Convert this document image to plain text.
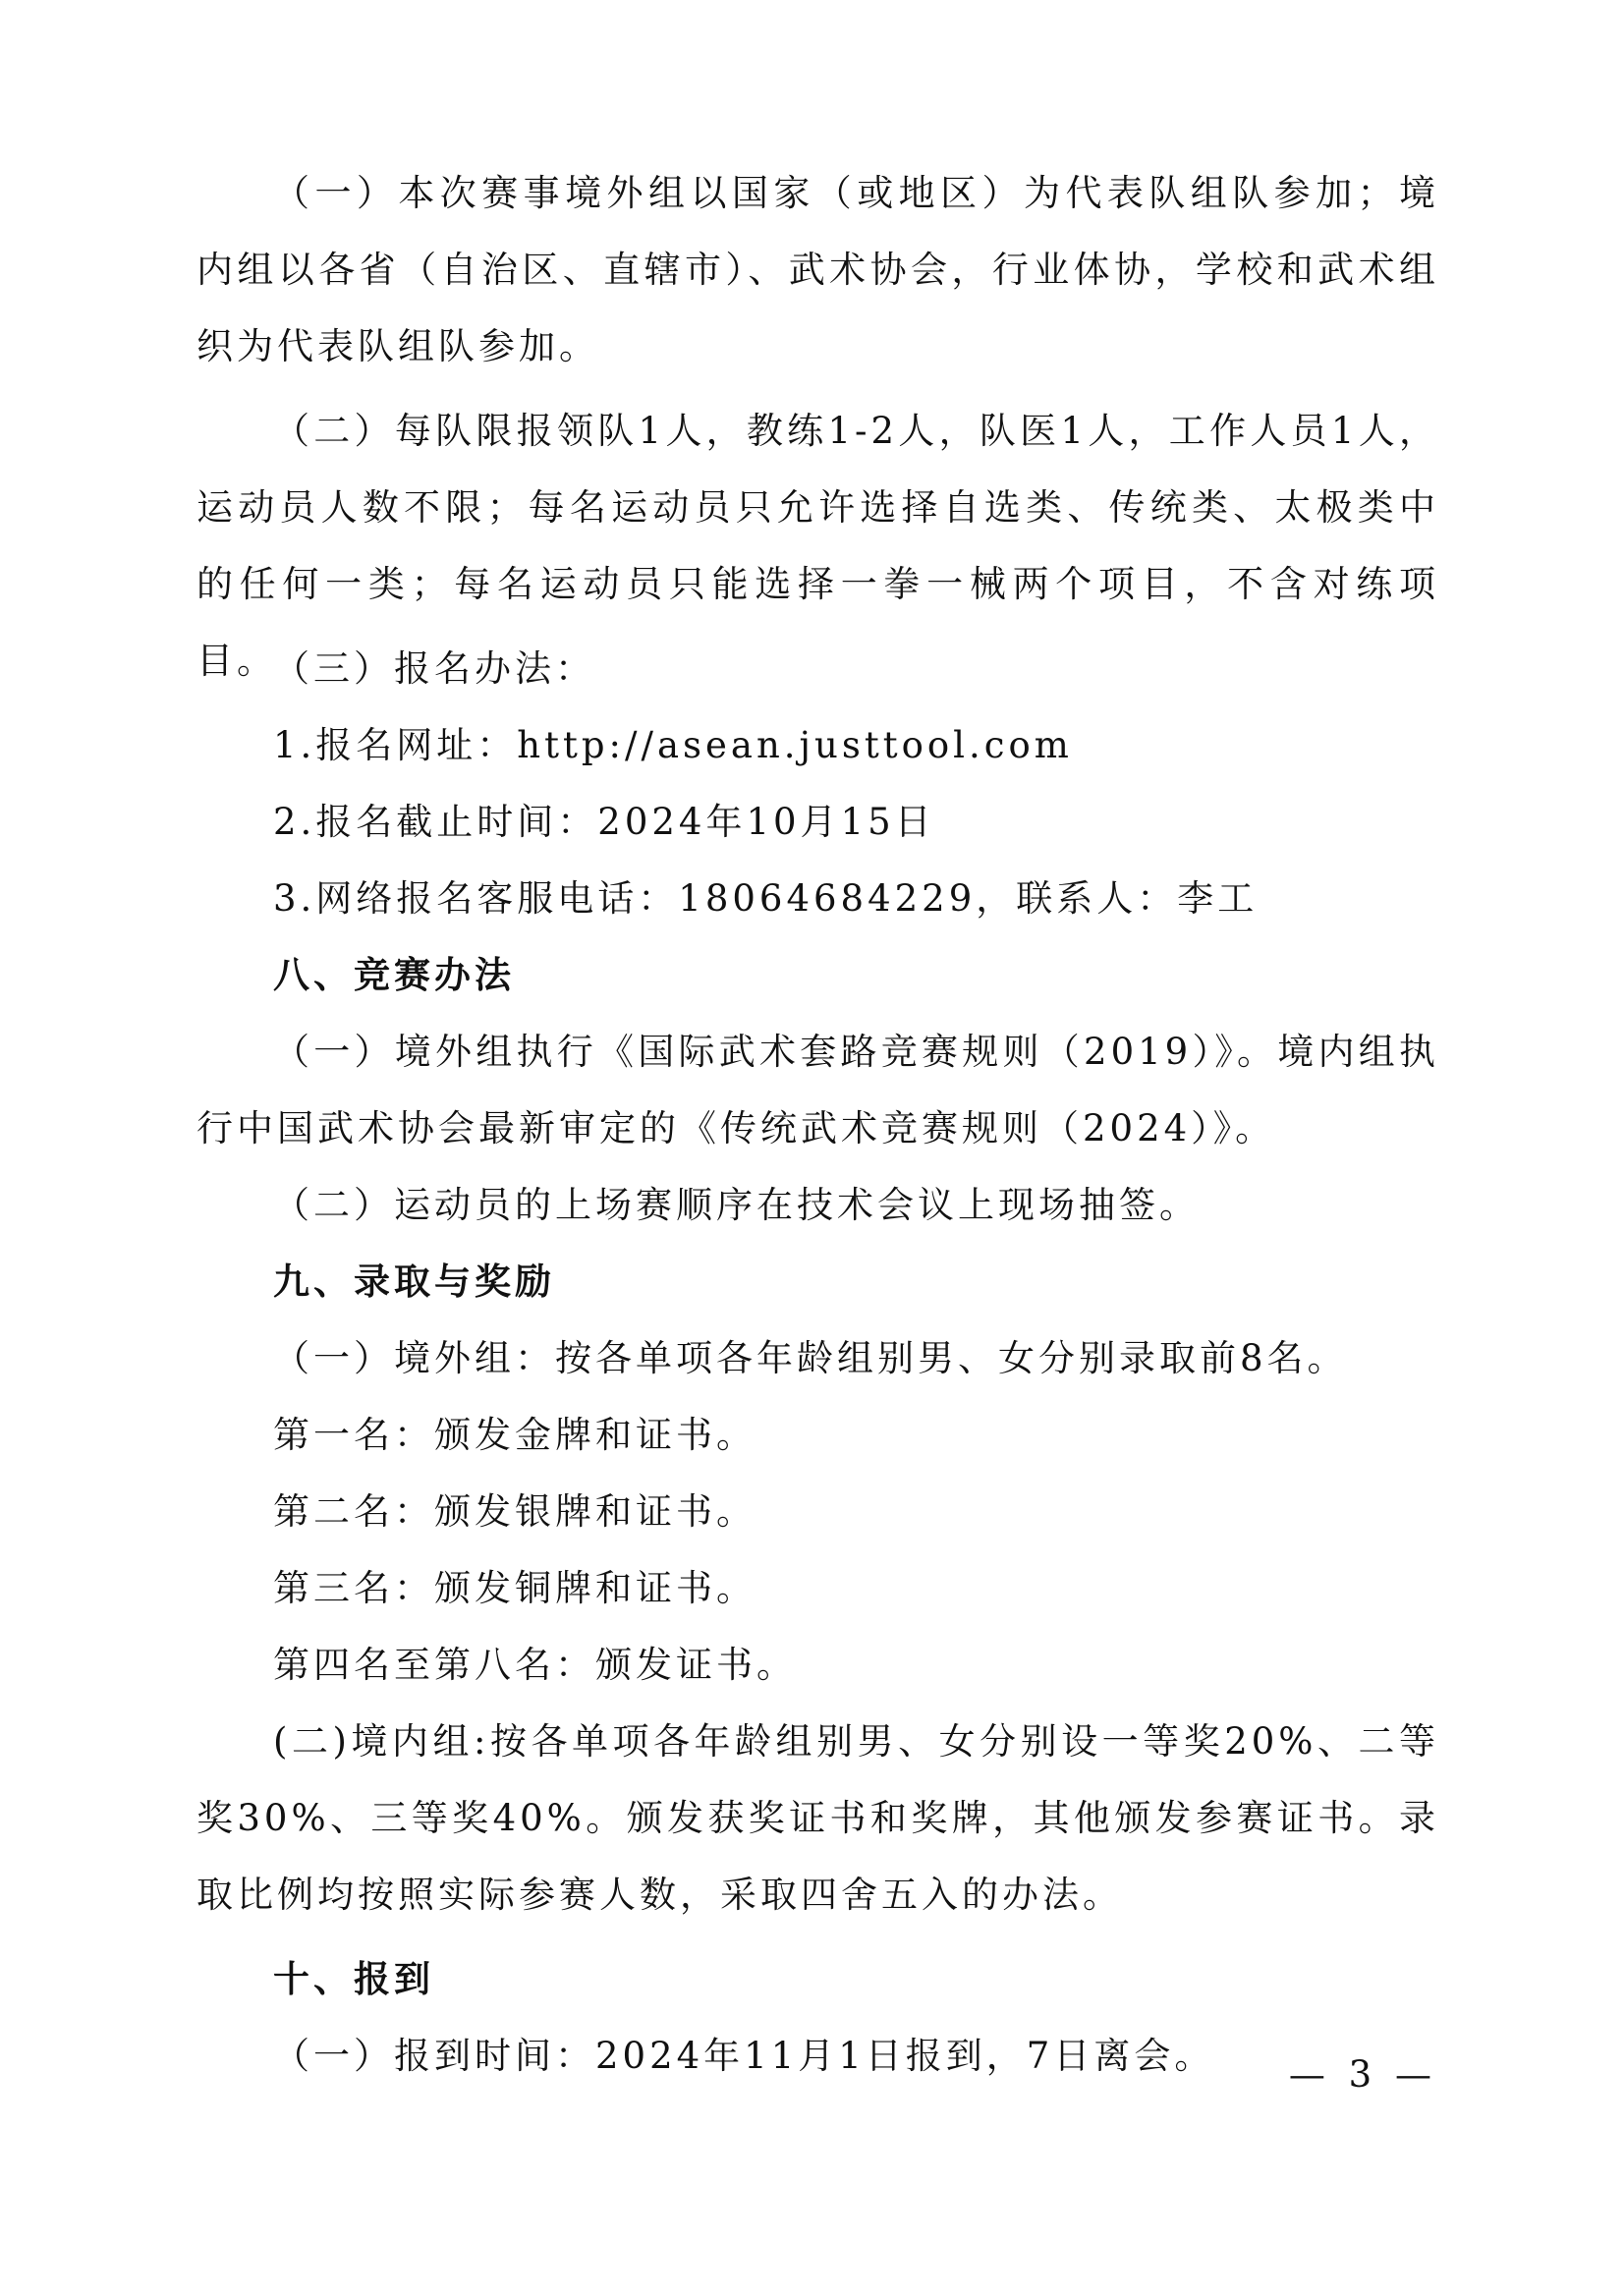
（一）本次赛事境外组以国家（或地区）为代表队组队参加；境内组以各省（自治区、直辖市）、武术协会，行业体协，学校和武术组织为代表队组队参加。

（二）每队限报领队1人，教练1-2人，队医1人，工作人员1人，运动员人数不限；每名运动员只允许选择自选类、传统类、太极类中的任何一类；每名运动员只能选择一拳一械两个项目，不含对练项目。

（三）报名办法：

1.报名网址：http://asean.justtool.com

2.报名截止时间：2024年10月15日

3.网络报名客服电话：18064684229，联系人：李工

八、竞赛办法

（一）境外组执行《国际武术套路竞赛规则（2019）》。境内组执行中国武术协会最新审定的《传统武术竞赛规则（2024）》。

（二）运动员的上场赛顺序在技术会议上现场抽签。

九、录取与奖励

（一）境外组：按各单项各年龄组别男、女分别录取前8名。

第一名：颁发金牌和证书。

第二名：颁发银牌和证书。

第三名：颁发铜牌和证书。

第四名至第八名：颁发证书。

(二)境内组:按各单项各年龄组别男、女分别设一等奖20%、二等奖30%、三等奖40%。颁发获奖证书和奖牌，其他颁发参赛证书。录取比例均按照实际参赛人数，采取四舍五入的办法。

十、报到

（一）报到时间：2024年11月1日报到，7日离会。	— 3 —
